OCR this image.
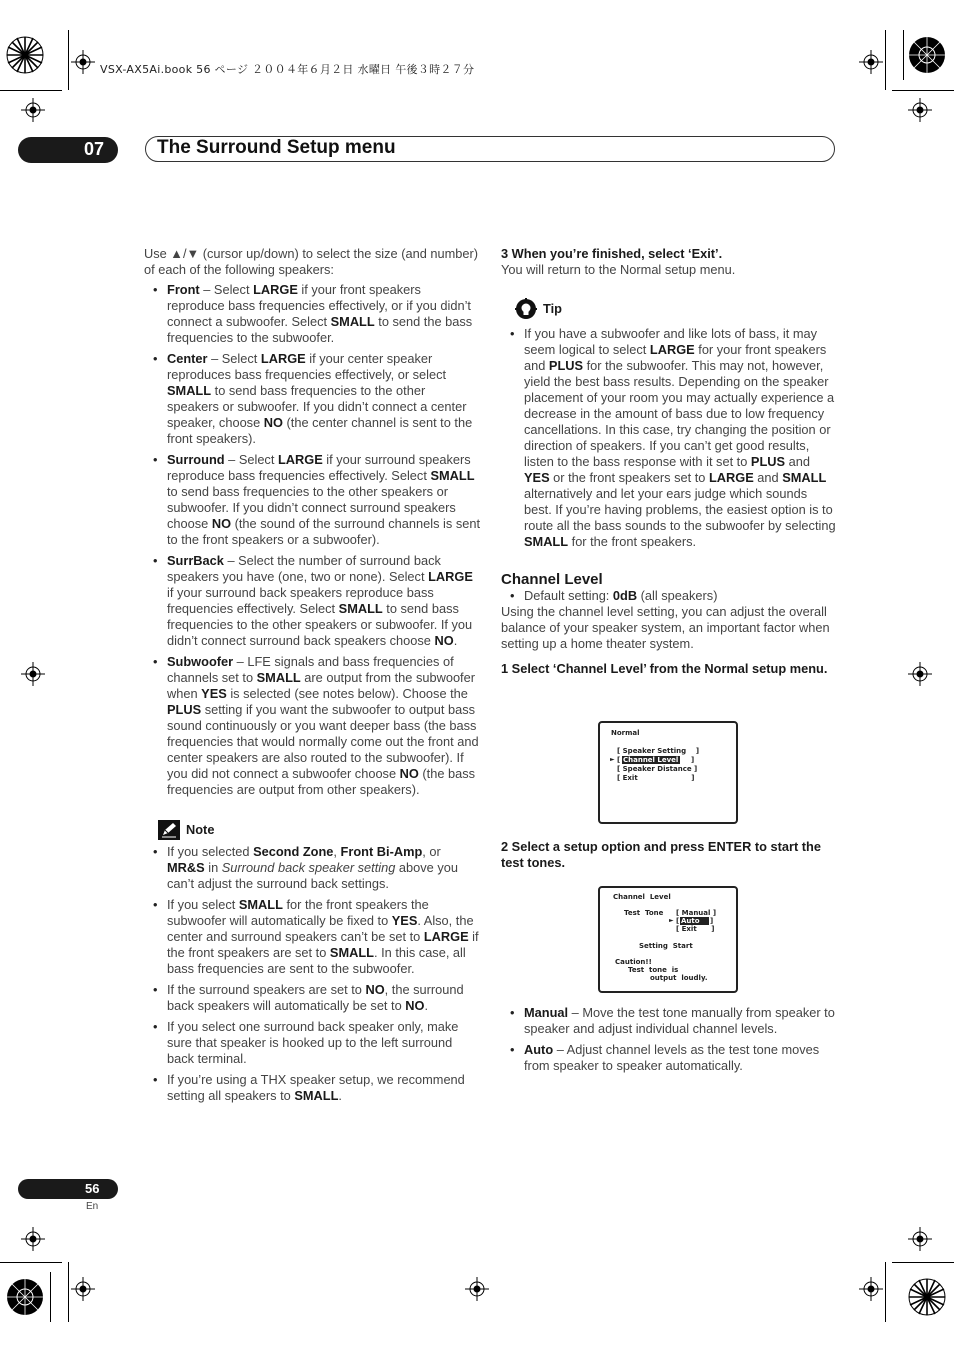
VSX-AX5Ai.book 56 ページ ２００４年６月２日 水曜日 午後３時２７分
07	The Surround Setup menu

Use ▲/▼ (cursor up/down) to select the size (and number) of each of the following speakers:

• Front – Select LARGE if your front speakers reproduce bass frequencies effectively, or if you didn’t connect a subwoofer. Select SMALL to send the bass frequencies to the subwoofer.
• Center – Select LARGE if your center speaker reproduces bass frequencies effectively, or select SMALL to send bass frequencies to the other speakers or subwoofer. If you didn’t connect a center speaker, choose NO (the center channel is sent to the front speakers).
• Surround – Select LARGE if your surround speakers reproduce bass frequencies effectively. Select SMALL to send bass frequencies to the other speakers or subwoofer. If you didn’t connect surround speakers choose NO (the sound of the surround channels is sent to the front speakers or a subwoofer).
• SurrBack – Select the number of surround back speakers you have (one, two or none). Select LARGE if your surround back speakers reproduce bass frequencies effectively. Select SMALL to send bass frequencies to the other speakers or subwoofer. If you didn’t connect surround back speakers choose NO.
• Subwoofer – LFE signals and bass frequencies of channels set to SMALL are output from the subwoofer when YES is selected (see notes below). Choose the PLUS setting if you want the subwoofer to output bass sound continuously or you want deeper bass (the bass frequencies that would normally come out the front and center speakers are also routed to the subwoofer). If you did not connect a subwoofer choose NO (the bass frequencies are output from other speakers).
Note
• If you selected Second Zone, Front Bi-Amp, or MR&S in Surround back speaker setting above you can’t adjust the surround back settings.
• If you select SMALL for the front speakers the subwoofer will automatically be fixed to YES. Also, the center and surround speakers can’t be set to LARGE if the front speakers are set to SMALL. In this case, all bass frequencies are sent to the subwoofer.
• If the surround speakers are set to NO, the surround back speakers will automatically be set to NO.
• If you select one surround back speaker only, make sure that speaker is hooked up to the left surround back terminal.
• If you’re using a THX speaker setup, we recommend setting all speakers to SMALL.

3 When you’re finished, select ‘Exit’.

You will return to the Normal setup menu.

Tip
• If you have a subwoofer and like lots of bass, it may seem logical to select LARGE for your front speakers and PLUS for the subwoofer. This may not, however, yield the best bass results. Depending on the speaker placement of your room you may actually experience a decrease in the amount of bass due to low frequency cancellations. In this case, try changing the position or direction of speakers. If you can’t get good results, listen to the bass response with it set to PLUS and YES or the front speakers set to LARGE and SMALL alternatively and let your ears judge which sounds best. If you’re having problems, the easiest option is to route all the bass sounds to the subwoofer by selecting SMALL for the front speakers.

Channel Level

• Default setting: 0dB (all speakers)

Using the channel level setting, you can adjust the overall balance of your speaker system, an important factor when setting up a home theater system.

1 Select ‘Channel Level’ from the Normal setup menu.

Normal
[ Speaker Setting    ]
► [ Channel Level ]
[ Speaker Distance ]
[ Exit                      ]

2 Select a setup option and press ENTER to start the test tones.

Channel  Level
Test  Tone [ Manual ]
► [ Auto	]
[ Exit      ]
Setting  Start
Caution!!
Test  tone  is
output  loudly.
• Manual – Move the test tone manually from speaker to speaker and adjust individual channel levels.
• Auto – Adjust channel levels as the test tone moves from speaker to speaker automatically.
56
En
